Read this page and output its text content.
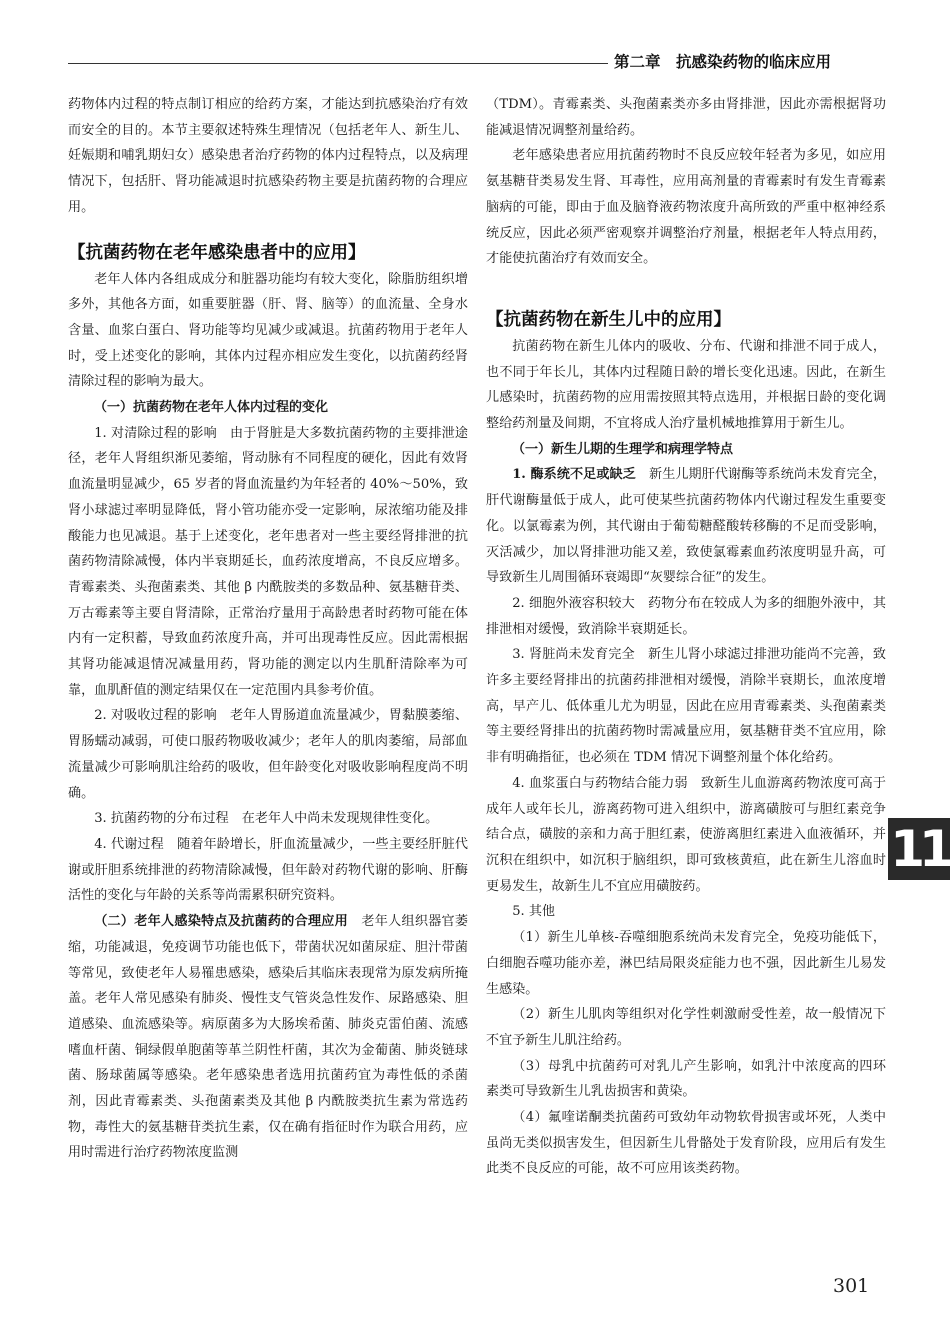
第二章　抗感染药物的临床应用

药物体内过程的特点制订相应的给药方案，才能达到抗感染治疗有效而安全的目的。本节主要叙述特殊生理情况（包括老年人、新生儿、妊娠期和哺乳期妇女）感染患者治疗药物的体内过程特点，以及病理情况下，包括肝、肾功能减退时抗感染药物主要是抗菌药物的合理应用。

【抗菌药物在老年感染患者中的应用】

老年人体内各组成成分和脏器功能均有较大变化，除脂肪组织增多外，其他各方面，如重要脏器（肝、肾、脑等）的血流量、全身水含量、血浆白蛋白、肾功能等均见减少或减退。抗菌药物用于老年人时，受上述变化的影响，其体内过程亦相应发生变化，以抗菌药经肾清除过程的影响为最大。

（一）抗菌药物在老年人体内过程的变化

1. 对清除过程的影响　由于肾脏是大多数抗菌药物的主要排泄途径，老年人肾组织渐见萎缩，肾动脉有不同程度的硬化，因此有效肾血流量明显减少，65 岁者的肾血流量约为年轻者的 40%～50%，致肾小球滤过率明显降低，肾小管功能亦受一定影响，尿浓缩功能及排酸能力也见减退。基于上述变化，老年患者对一些主要经肾排泄的抗菌药物清除减慢，体内半衰期延长，血药浓度增高，不良反应增多。青霉素类、头孢菌素类、其他 β 内酰胺类的多数品种、氨基糖苷类、万古霉素等主要自肾清除，正常治疗量用于高龄患者时药物可能在体内有一定积蓄，导致血药浓度升高，并可出现毒性反应。因此需根据其肾功能减退情况减量用药，肾功能的测定以内生肌酐清除率为可靠，血肌酐值的测定结果仅在一定范围内具参考价值。

2. 对吸收过程的影响　老年人胃肠道血流量减少，胃黏膜萎缩、胃肠蠕动减弱，可使口服药物吸收减少；老年人的肌肉萎缩，局部血流量减少可影响肌注给药的吸收，但年龄变化对吸收影响程度尚不明确。

3. 抗菌药物的分布过程　在老年人中尚未发现规律性变化。

4. 代谢过程　随着年龄增长，肝血流量减少，一些主要经肝脏代谢或肝胆系统排泄的药物清除减慢，但年龄对药物代谢的影响、肝酶活性的变化与年龄的关系等尚需累积研究资料。

（二）老年人感染特点及抗菌药的合理应用　老年人组织器官萎缩，功能减退，免疫调节功能也低下，带菌状况如菌尿症、胆汁带菌等常见，致使老年人易罹患感染，感染后其临床表现常为原发病所掩盖。老年人常见感染有肺炎、慢性支气管炎急性发作、尿路感染、胆道感染、血流感染等。病原菌多为大肠埃希菌、肺炎克雷伯菌、流感嗜血杆菌、铜绿假单胞菌等革兰阴性杆菌，其次为金葡菌、肺炎链球菌、肠球菌属等感染。老年感染患者选用抗菌药宜为毒性低的杀菌剂，因此青霉素类、头孢菌素类及其他 β 内酰胺类抗生素为常选药物，毒性大的氨基糖苷类抗生素，仅在确有指征时作为联合用药，应用时需进行治疗药物浓度监测

（TDM）。青霉素类、头孢菌素类亦多由肾排泄，因此亦需根据肾功能减退情况调整剂量给药。

老年感染患者应用抗菌药物时不良反应较年轻者为多见，如应用氨基糖苷类易发生肾、耳毒性，应用高剂量的青霉素时有发生青霉素脑病的可能，即由于血及脑脊液药物浓度升高所致的严重中枢神经系统反应，因此必须严密观察并调整治疗剂量，根据老年人特点用药，才能使抗菌治疗有效而安全。

【抗菌药物在新生儿中的应用】

抗菌药物在新生儿体内的吸收、分布、代谢和排泄不同于成人，也不同于年长儿，其体内过程随日龄的增长变化迅速。因此，在新生儿感染时，抗菌药物的应用需按照其特点选用，并根据日龄的变化调整给药剂量及间期，不宜将成人治疗量机械地推算用于新生儿。

（一）新生儿期的生理学和病理学特点

1. 酶系统不足或缺乏　新生儿期肝代谢酶等系统尚未发育完全，肝代谢酶量低于成人，此可使某些抗菌药物体内代谢过程发生重要变化。以氯霉素为例，其代谢由于葡萄糖醛酸转移酶的不足而受影响，灭活减少，加以肾排泄功能又差，致使氯霉素血药浓度明显升高，可导致新生儿周围循环衰竭即“灰婴综合征”的发生。

2. 细胞外液容积较大　药物分布在较成人为多的细胞外液中，其排泄相对缓慢，致消除半衰期延长。

3. 肾脏尚未发育完全　新生儿肾小球滤过排泄功能尚不完善，致许多主要经肾排出的抗菌药排泄相对缓慢，消除半衰期长，血浓度增高，早产儿、低体重儿尤为明显，因此在应用青霉素类、头孢菌素类等主要经肾排出的抗菌药物时需减量应用，氨基糖苷类不宜应用，除非有明确指征，也必须在 TDM 情况下调整剂量个体化给药。

4. 血浆蛋白与药物结合能力弱　致新生儿血游离药物浓度可高于成年人或年长儿，游离药物可进入组织中，游离磺胺可与胆红素竞争结合点，磺胺的亲和力高于胆红素，使游离胆红素进入血液循环，并沉积在组织中，如沉积于脑组织，即可致核黄疸，此在新生儿溶血时更易发生，故新生儿不宜应用磺胺药。

5. 其他

（1）新生儿单核-吞噬细胞系统尚未发育完全，免疫功能低下，白细胞吞噬功能亦差，淋巴结局限炎症能力也不强，因此新生儿易发生感染。

（2）新生儿肌肉等组织对化学性刺激耐受性差，故一般情况下不宜予新生儿肌注给药。

（3）母乳中抗菌药可对乳儿产生影响，如乳汁中浓度高的四环素类可导致新生儿乳齿损害和黄染。

（4）氟喹诺酮类抗菌药可致幼年动物软骨损害或坏死，人类中虽尚无类似损害发生，但因新生儿骨骼处于发育阶段，应用后有发生此类不良反应的可能，故不可应用该类药物。

11
301
